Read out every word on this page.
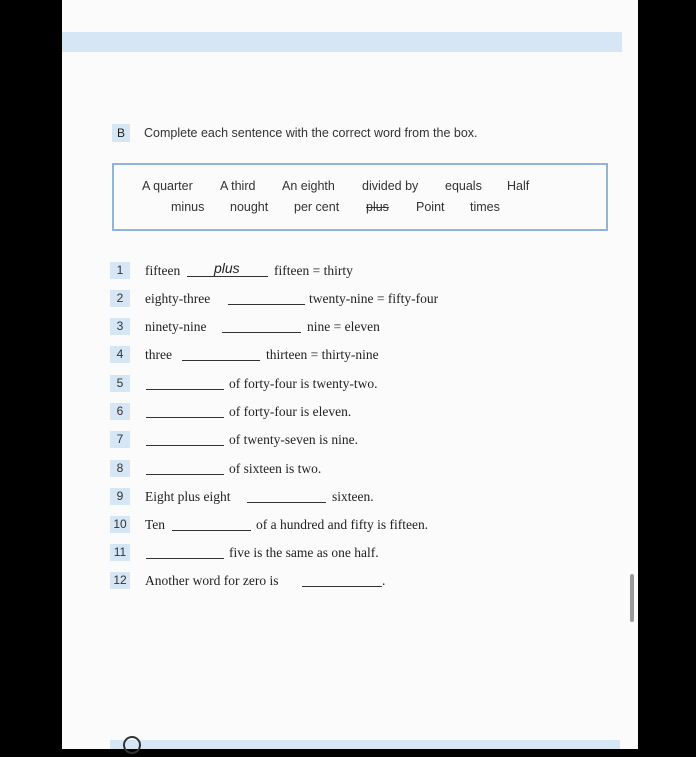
B	Complete each sentence with the correct word from the box.
A quarter A third An eighth divided by equals Half
minus nought per cent plus Point times
1	fifteen plus	fifteen = thirty
2	eighty-three	twenty-nine = fifty-four
3	ninety-nine	nine = eleven
4	three	thirteen = thirty-nine
5	of forty-four is twenty-two.
6	of forty-four is eleven.
7	of twenty-seven is nine.
8	of sixteen is two.
9	Eight plus eight	sixteen.
10 Ten	of a hundred and fifty is fifteen.
11	five is the same as one half.
12 Another word for zero is	.
